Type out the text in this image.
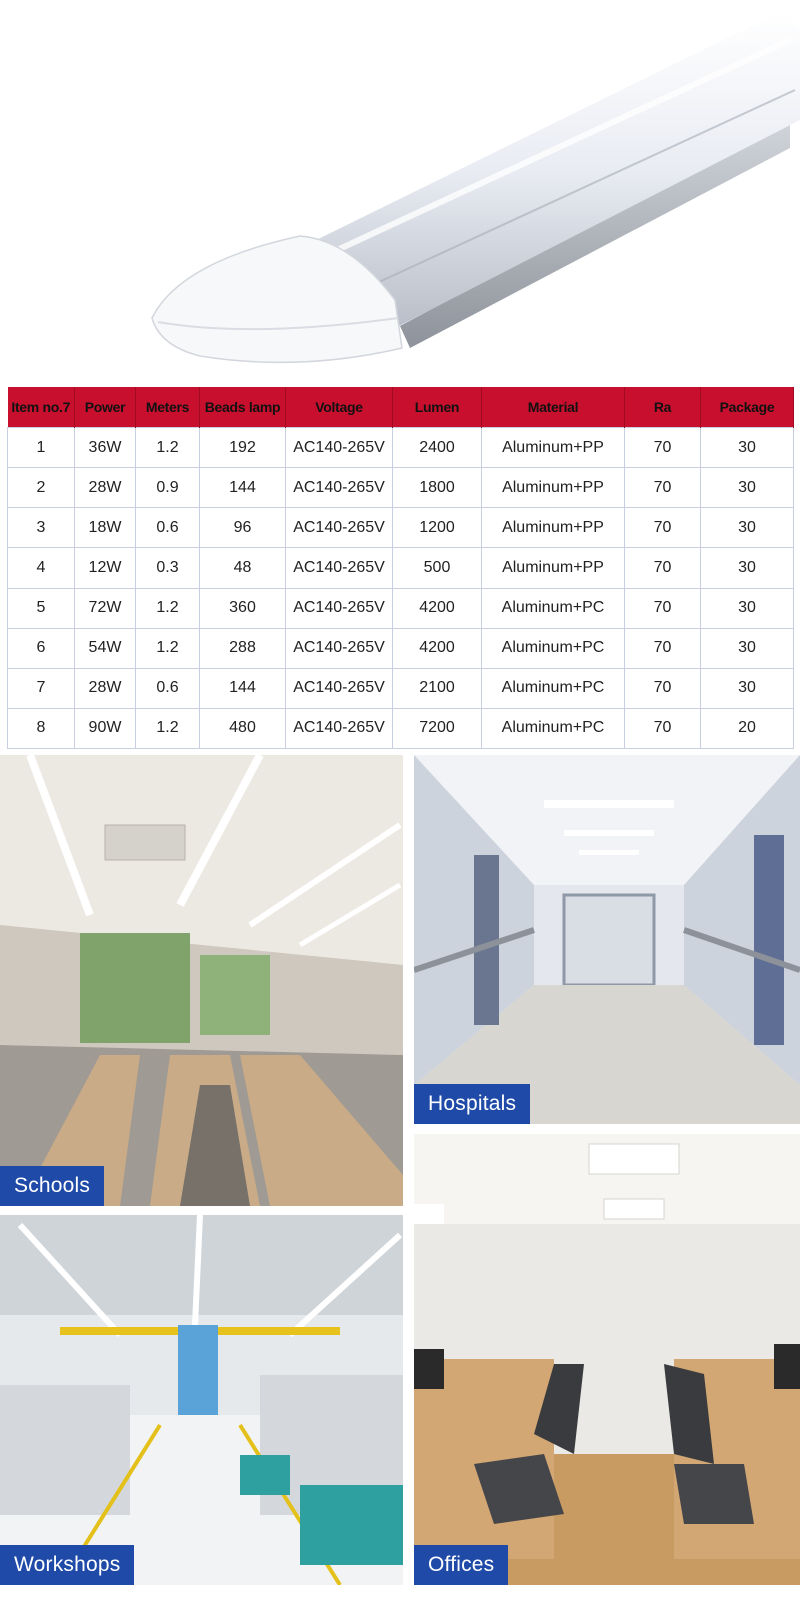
Item no.7	Power	Meters	Beads lamp	Voltage	Lumen	Material	Ra	Package
1	36W	1.2	192	AC140-265V	2400	Aluminum+PP	70	30
2	28W	0.9	144	AC140-265V	1800	Aluminum+PP	70	30
3	18W	0.6	96	AC140-265V	1200	Aluminum+PP	70	30
4	12W	0.3	48	AC140-265V	500	Aluminum+PP	70	30
5	72W	1.2	360	AC140-265V	4200	Aluminum+PC	70	30
6	54W	1.2	288	AC140-265V	4200	Aluminum+PC	70	30
7	28W	0.6	144	AC140-265V	2100	Aluminum+PC	70	30
8	90W	1.2	480	AC140-265V	7200	Aluminum+PC	70	20
Schools
Hospitals
Workshops	Offices
